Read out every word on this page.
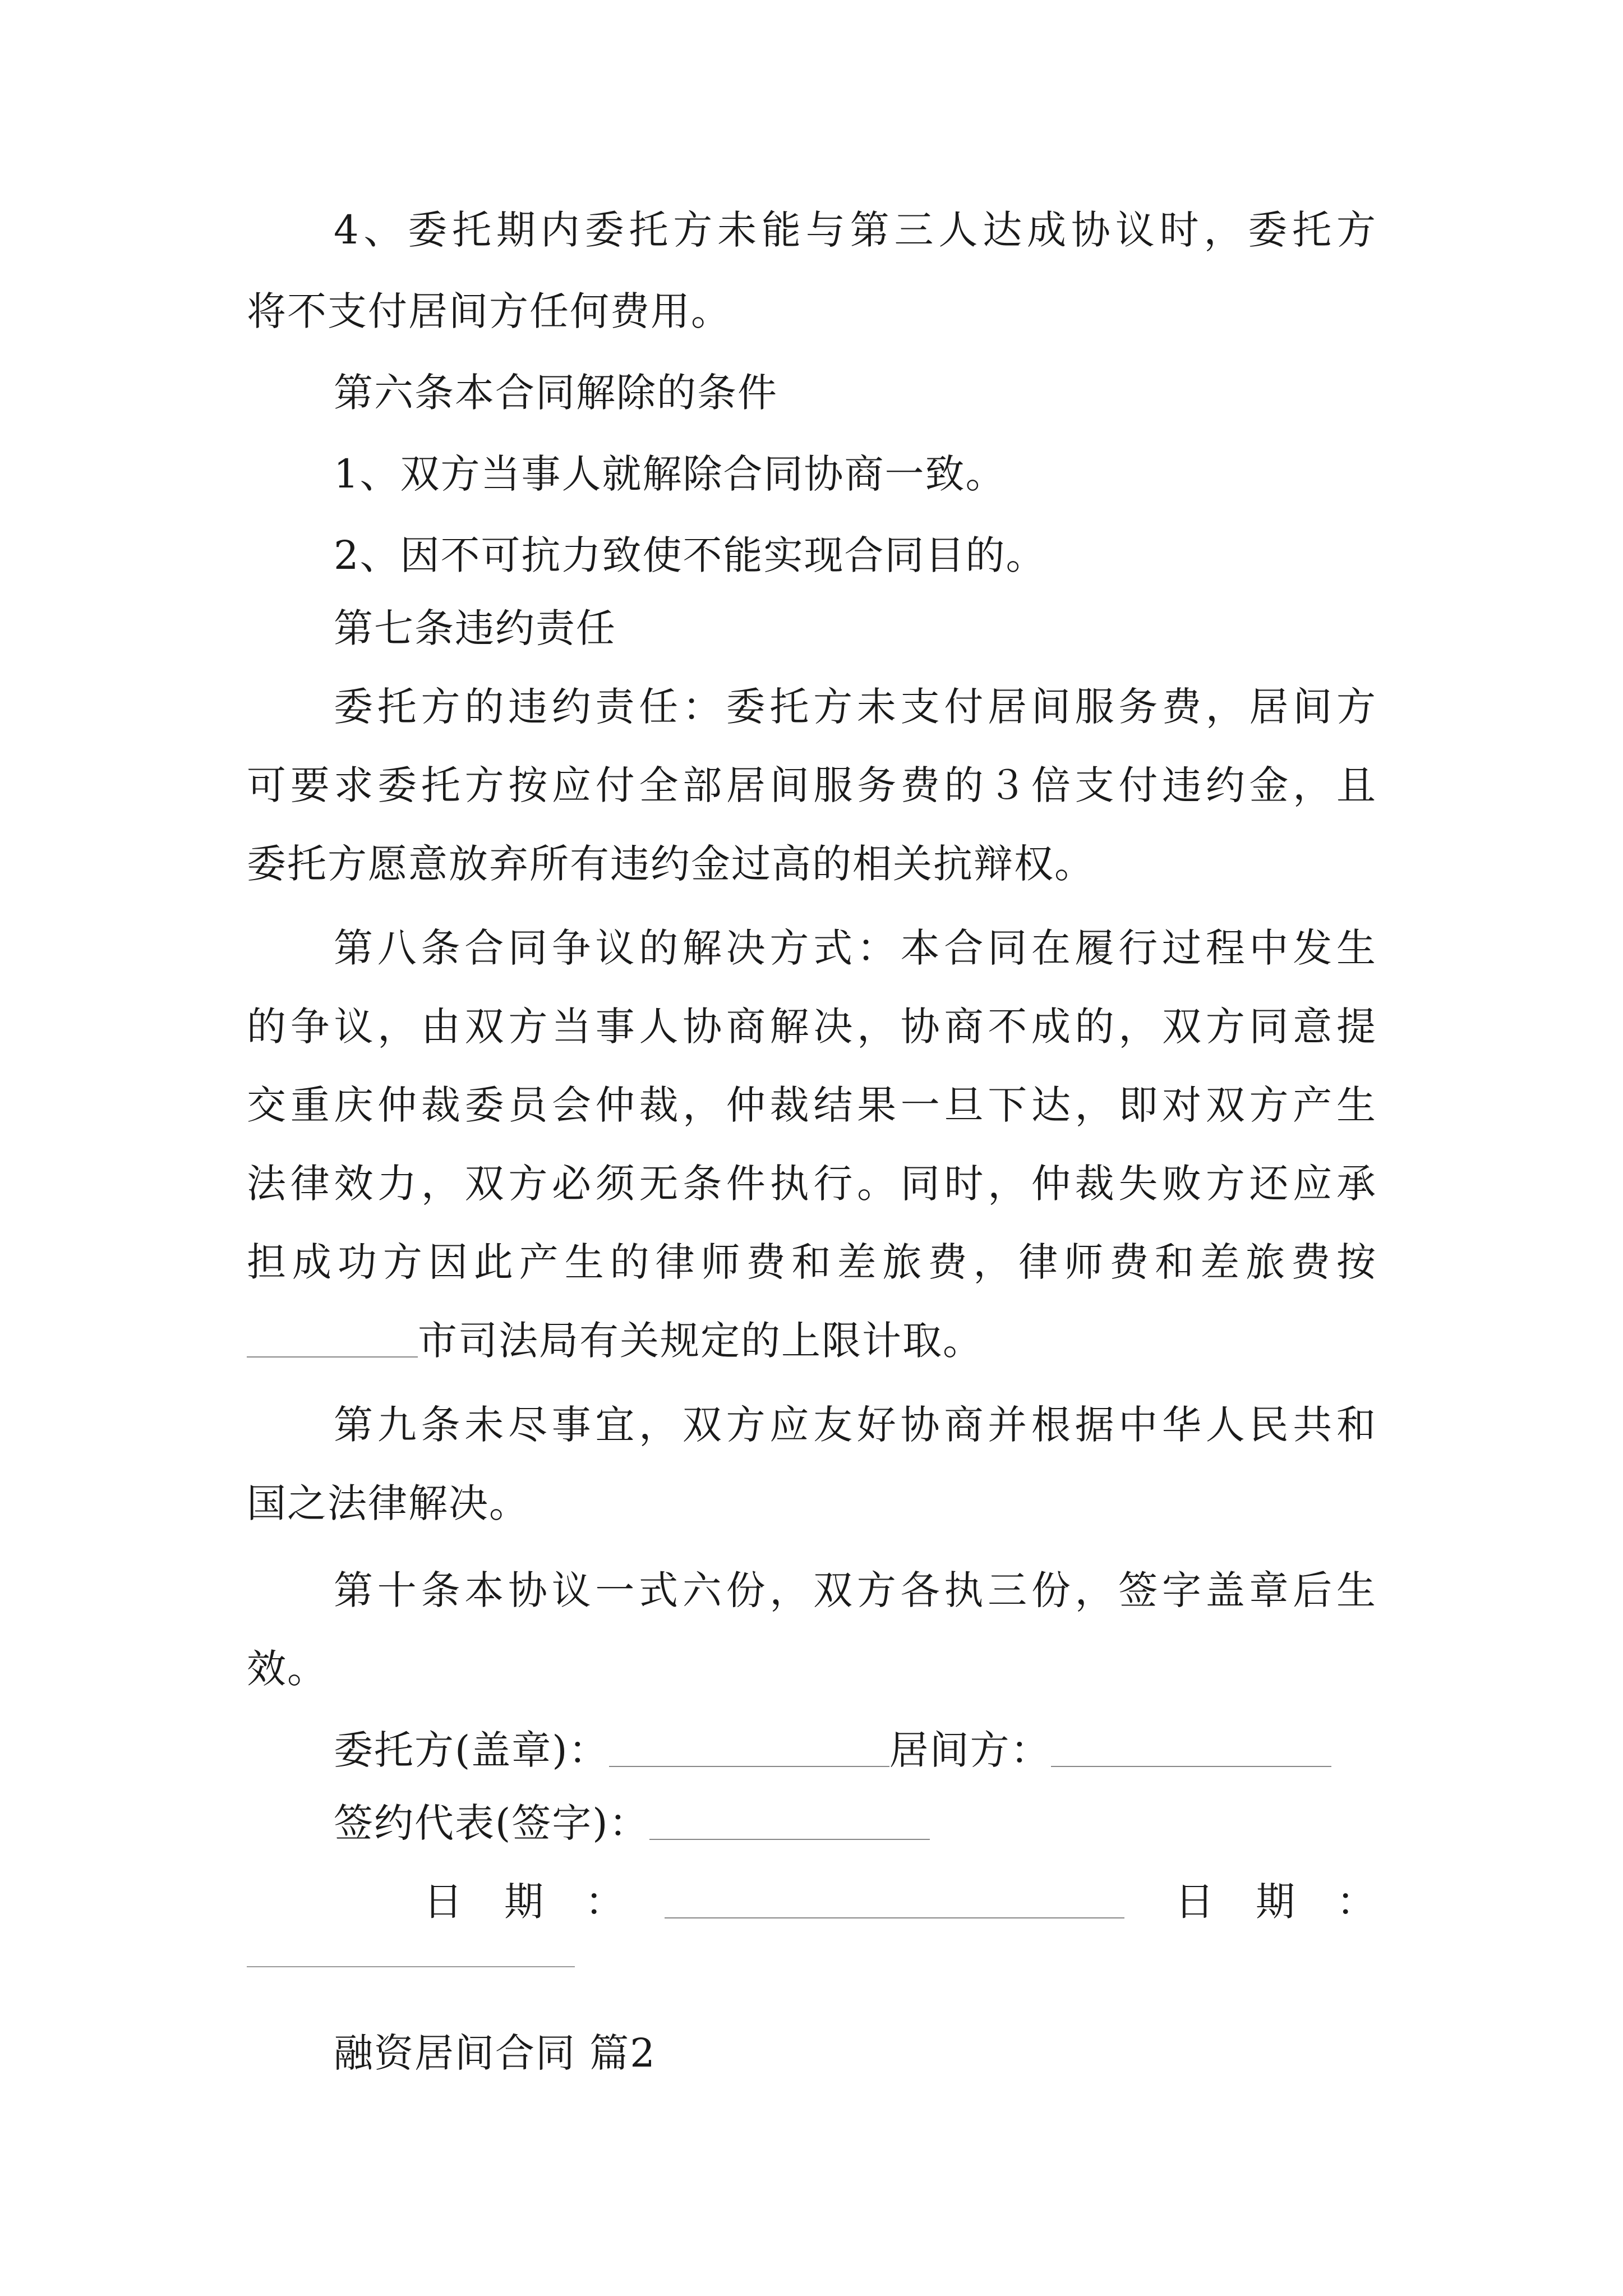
4、委托期内委托方未能与第三人达成协议时，委托方
将不支付居间方任何费用。
第六条本合同解除的条件
1、双方当事人就解除合同协商一致。
2、因不可抗力致使不能实现合同目的。
第七条违约责任
委托方的违约责任：委托方未支付居间服务费，居间方
可要求委托方按应付全部居间服务费的３倍支付违约金，且
委托方愿意放弃所有违约金过高的相关抗辩权。
第八条合同争议的解决方式：本合同在履行过程中发生
的争议，由双方当事人协商解决，协商不成的，双方同意提
交重庆仲裁委员会仲裁，仲裁结果一旦下达，即对双方产生
法律效力，双方必须无条件执行。同时，仲裁失败方还应承
担成功方因此产生的律师费和差旅费，律师费和差旅费按
市司法局有关规定的上限计取。
第九条未尽事宜，双方应友好协商并根据中华人民共和
国之法律解决。
第十条本协议一式六份，双方各执三份，签字盖章后生
效。
委托方(盖章)：	居间方：
签约代表(签字)：
日　期　：	日　期　：
融资居间合同 篇2
